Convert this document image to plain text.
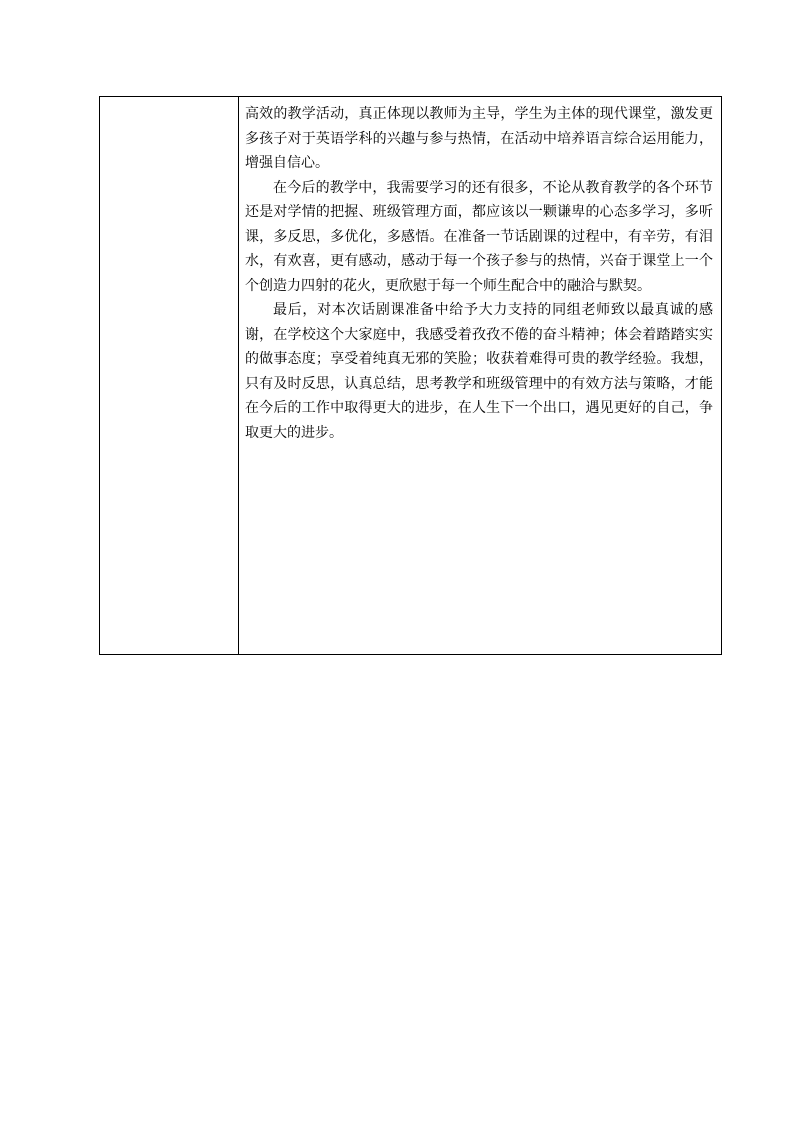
高效的教学活动，真正体现以教师为主导，学生为主体的现代课堂，激发更多孩子对于英语学科的兴趣与参与热情，在活动中培养语言综合运用能力，增强自信心。

在今后的教学中，我需要学习的还有很多，不论从教育教学的各个环节还是对学情的把握、班级管理方面，都应该以一颗谦卑的心态多学习，多听课，多反思，多优化，多感悟。在准备一节话剧课的过程中，有辛劳，有泪水，有欢喜，更有感动，感动于每一个孩子参与的热情，兴奋于课堂上一个个创造力四射的花火，更欣慰于每一个师生配合中的融洽与默契。

最后，对本次话剧课准备中给予大力支持的同组老师致以最真诚的感谢，在学校这个大家庭中，我感受着孜孜不倦的奋斗精神；体会着踏踏实实的做事态度；享受着纯真无邪的笑脸；收获着难得可贵的教学经验。我想，只有及时反思，认真总结，思考教学和班级管理中的有效方法与策略，才能在今后的工作中取得更大的进步，在人生下一个出口，遇见更好的自己，争取更大的进步。
